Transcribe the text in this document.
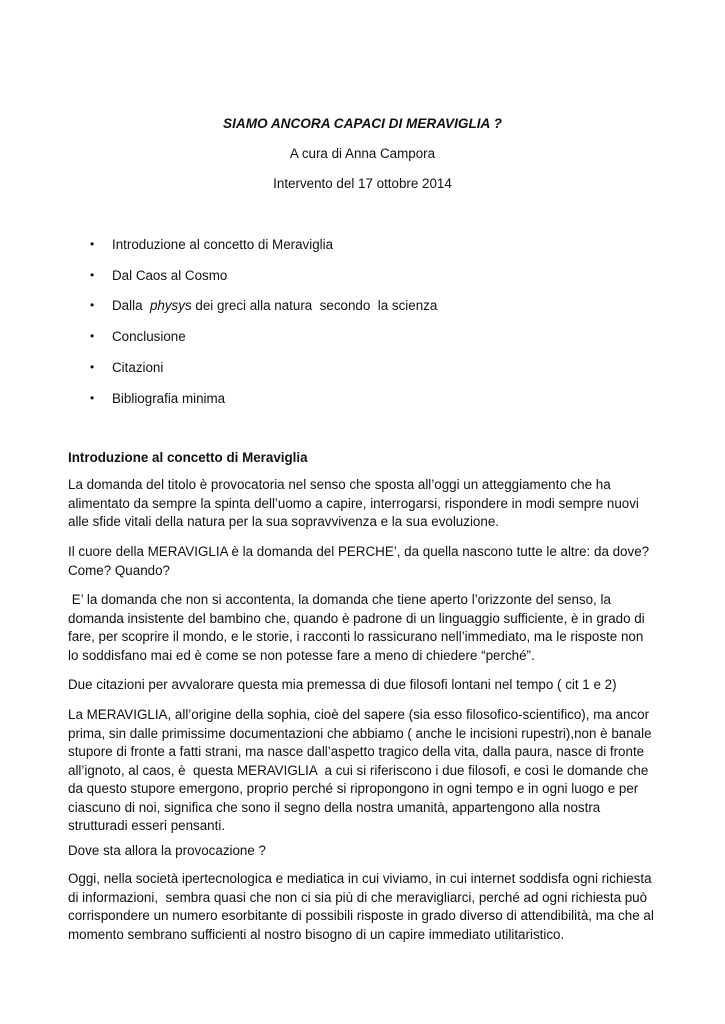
SIAMO ANCORA CAPACI DI MERAVIGLIA ?
A cura di Anna Campora
Intervento del 17 ottobre 2014
• Introduzione al concetto di Meraviglia
• Dal Caos al Cosmo
• Dalla  physys dei greci alla natura  secondo  la scienza
• Conclusione
• Citazioni
• Bibliografia minima
Introduzione al concetto di Meraviglia
La domanda del titolo è provocatoria nel senso che sposta all’oggi un atteggiamento che ha
alimentato da sempre la spinta dell’uomo a capire, interrogarsi, rispondere in modi sempre nuovi
alle sfide vitali della natura per la sua sopravvivenza e la sua evoluzione.
Il cuore della MERAVIGLIA è la domanda del PERCHE’, da quella nascono tutte le altre: da dove?
Come? Quando?
E’ la domanda che non si accontenta, la domanda che tiene aperto l’orizzonte del senso, la
domanda insistente del bambino che, quando è padrone di un linguaggio sufficiente, è in grado di
fare, per scoprire il mondo, e le storie, i racconti lo rassicurano nell’immediato, ma le risposte non
lo soddisfano mai ed è come se non potesse fare a meno di chiedere “perché”.
Due citazioni per avvalorare questa mia premessa di due filosofi lontani nel tempo ( cit 1 e 2)
La MERAVIGLIA, all’origine della sophia, cioè del sapere (sia esso filosofico-scientifico), ma ancor
prima, sin dalle primissime documentazioni che abbiamo ( anche le incisioni rupestri),non è banale
stupore di fronte a fatti strani, ma nasce dall’aspetto tragico della vita, dalla paura, nasce di fronte
all’ignoto, al caos, è  questa MERAVIGLIA  a cui si riferiscono i due filosofi, e così le domande che
da questo stupore emergono, proprio perché si ripropongono in ogni tempo e in ogni luogo e per
ciascuno di noi, significa che sono il segno della nostra umanità, appartengono alla nostra
strutturadi esseri pensanti.
Dove sta allora la provocazione ?
Oggi, nella società ipertecnologica e mediatica in cui viviamo, in cui internet soddisfa ogni richiesta
di informazioni,  sembra quasi che non ci sia più di che meravigliarci, perché ad ogni richiesta può
corrispondere un numero esorbitante di possibili risposte in grado diverso di attendibilità, ma che al
momento sembrano sufficienti al nostro bisogno di un capire immediato utilitaristico.
